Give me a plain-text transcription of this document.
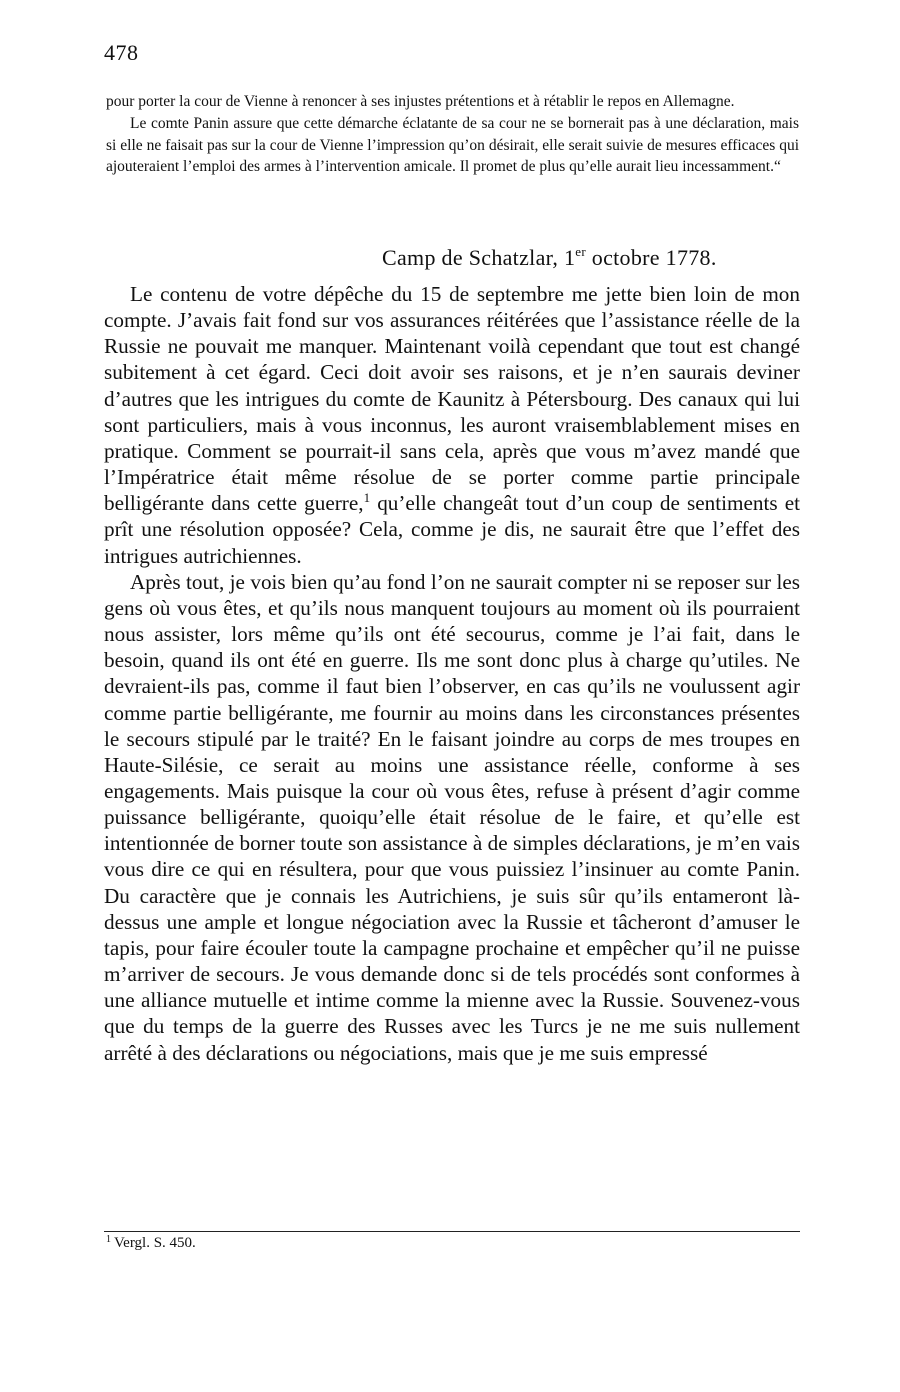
478

pour porter la cour de Vienne à renoncer à ses injustes prétentions et à rétablir le repos en Allemagne.

Le comte Panin assure que cette démarche éclatante de sa cour ne se bornerait pas à une déclaration, mais si elle ne faisait pas sur la cour de Vienne l’impression qu’on désirait, elle serait suivie de mesures efficaces qui ajouteraient l’emploi des armes à l’intervention amicale. Il promet de plus qu’elle aurait lieu incessamment.“

Camp de Schatzlar, 1er octobre 1778.

Le contenu de votre dépêche du 15 de septembre me jette bien loin de mon compte. J’avais fait fond sur vos assurances réitérées que l’assistance réelle de la Russie ne pouvait me manquer. Maintenant voilà cependant que tout est changé subitement à cet égard. Ceci doit avoir ses raisons, et je n’en saurais deviner d’autres que les intrigues du comte de Kaunitz à Pétersbourg. Des canaux qui lui sont particuliers, mais à vous inconnus, les auront vraisemblablement mises en pratique. Comment se pourrait-il sans cela, après que vous m’avez mandé que l’Impératrice était même résolue de se porter comme partie principale belligérante dans cette guerre,$^1$ qu’elle changeât tout d’un coup de sentiments et prît une résolution opposée? Cela, comme je dis, ne saurait être que l’effet des intrigues autrichiennes.

Après tout, je vois bien qu’au fond l’on ne saurait compter ni se reposer sur les gens où vous êtes, et qu’ils nous manquent toujours au moment où ils pourraient nous assister, lors même qu’ils ont été secourus, comme je l’ai fait, dans le besoin, quand ils ont été en guerre. Ils me sont donc plus à charge qu’utiles. Ne devraient-ils pas, comme il faut bien l’observer, en cas qu’ils ne voulussent agir comme partie belligérante, me fournir au moins dans les circonstances présentes le secours stipulé par le traité? En le faisant joindre au corps de mes troupes en Haute-Silésie, ce serait au moins une assistance réelle, conforme à ses engagements. Mais puisque la cour où vous êtes, refuse à présent d’agir comme puissance belligérante, quoiqu’elle était résolue de le faire, et qu’elle est intentionnée de borner toute son assistance à de simples déclarations, je m’en vais vous dire ce qui en résultera, pour que vous puissiez l’insinuer au comte Panin. Du caractère que je connais les Autrichiens, je suis sûr qu’ils entameront là-dessus une ample et longue négociation avec la Russie et tâcheront d’amuser le tapis, pour faire écouler toute la campagne prochaine et empêcher qu’il ne puisse m’arriver de secours. Je vous demande donc si de tels procédés sont conformes à une alliance mutuelle et intime comme la mienne avec la Russie. Souvenez-vous que du temps de la guerre des Russes avec les Turcs je ne me suis nullement arrêté à des déclarations ou négociations, mais que je me suis empressé

$^1$ Vergl. S. 450.
